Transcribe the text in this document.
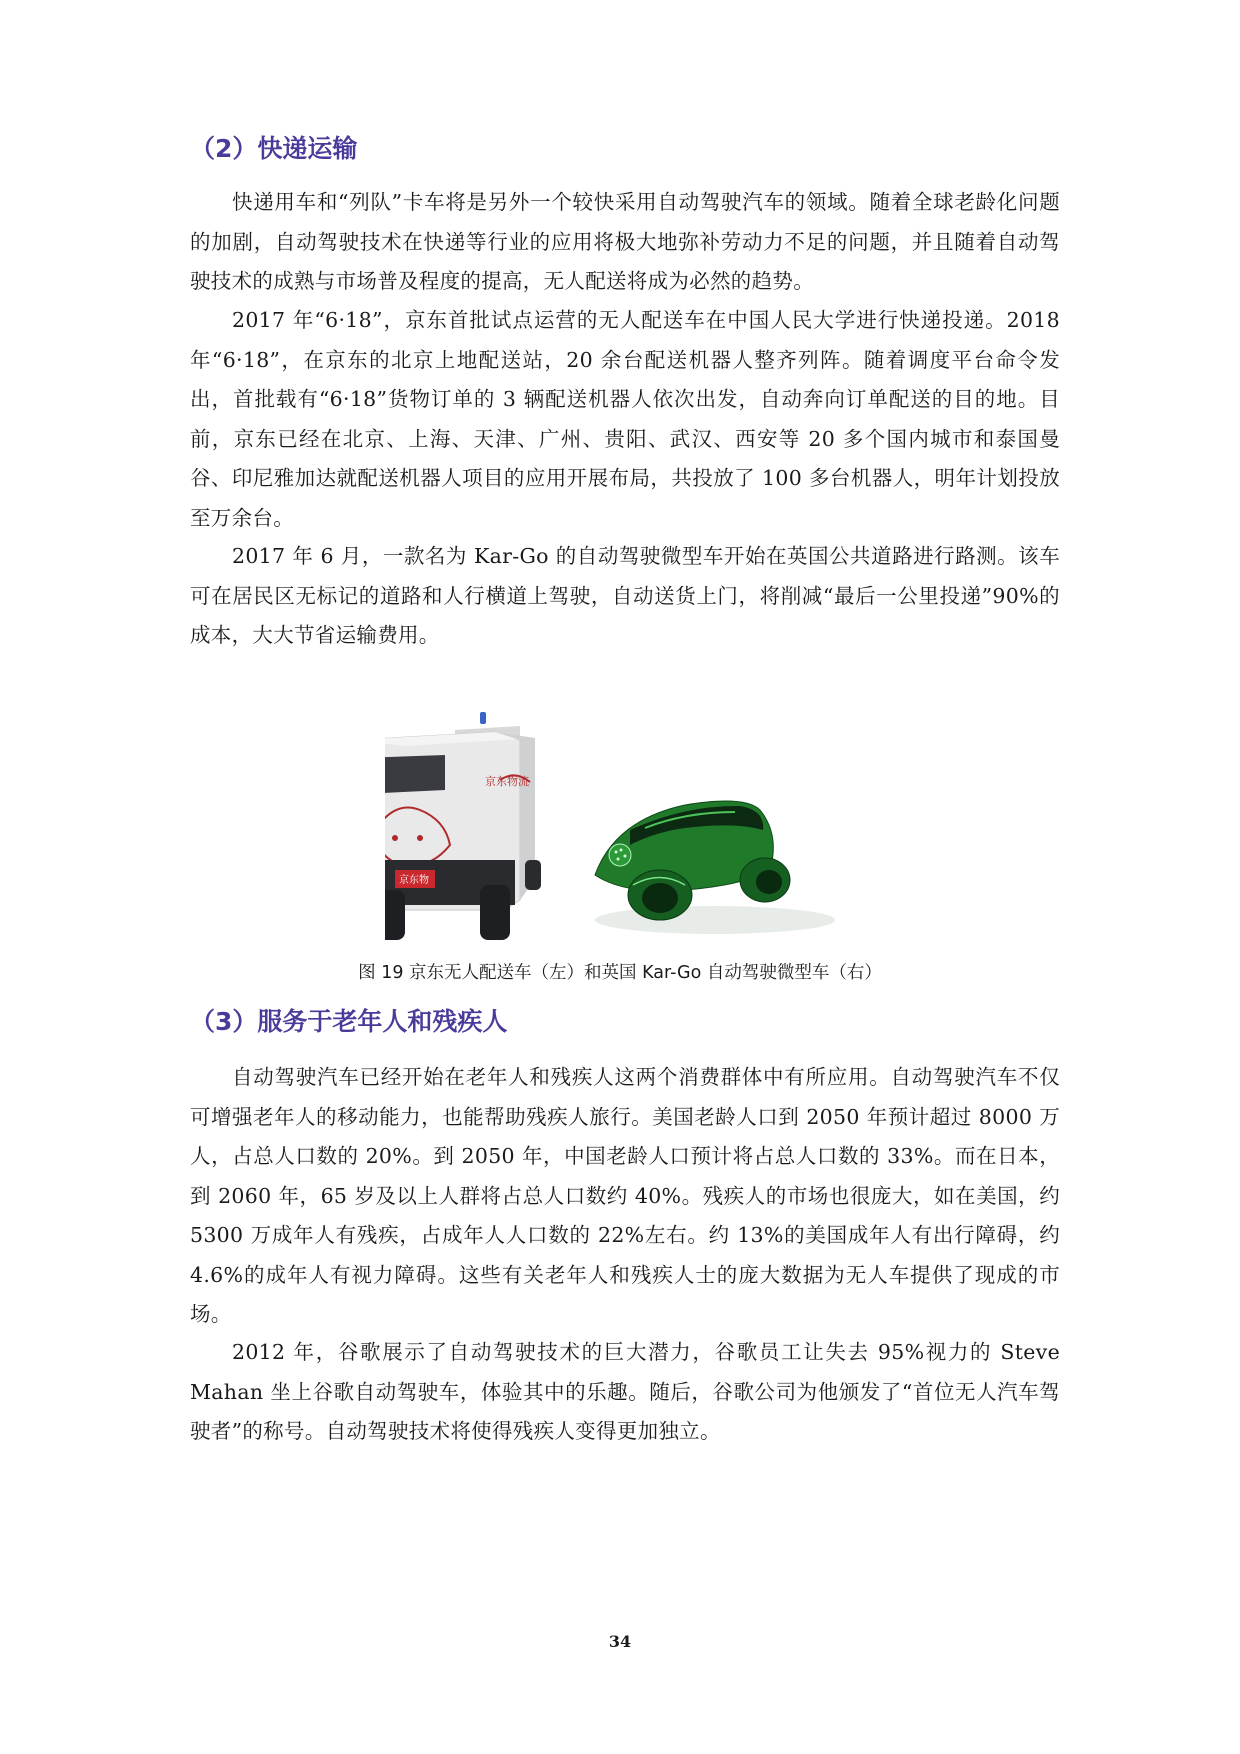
（2）快递运输

快递用车和“列队”卡车将是另外一个较快采用自动驾驶汽车的领域。随着全球老龄化问题的加剧，自动驾驶技术在快递等行业的应用将极大地弥补劳动力不足的问题，并且随着自动驾驶技术的成熟与市场普及程度的提高，无人配送将成为必然的趋势。

2017 年“6·18”，京东首批试点运营的无人配送车在中国人民大学进行快递投递。2018 年“6·18”，在京东的北京上地配送站，20 余台配送机器人整齐列阵。随着调度平台命令发出，首批载有“6·18”货物订单的 3 辆配送机器人依次出发，自动奔向订单配送的目的地。目前，京东已经在北京、上海、天津、广州、贵阳、武汉、西安等 20 多个国内城市和泰国曼谷、印尼雅加达就配送机器人项目的应用开展布局，共投放了 100 多台机器人，明年计划投放至万余台。

2017 年 6 月，一款名为 Kar-Go 的自动驾驶微型车开始在英国公共道路进行路测。该车可在居民区无标记的道路和人行横道上驾驶，自动送货上门，将削减“最后一公里投递”90%的成本，大大节省运输费用。

京东物流
京东物

图 19 京东无人配送车（左）和英国 Kar-Go 自动驾驶微型车（右）

（3）服务于老年人和残疾人

自动驾驶汽车已经开始在老年人和残疾人这两个消费群体中有所应用。自动驾驶汽车不仅可增强老年人的移动能力，也能帮助残疾人旅行。美国老龄人口到 2050 年预计超过 8000 万人，占总人口数的 20%。到 2050 年，中国老龄人口预计将占总人口数的 33%。而在日本，到 2060 年，65 岁及以上人群将占总人口数约 40%。残疾人的市场也很庞大，如在美国，约 5300 万成年人有残疾，占成年人人口数的 22%左右。约 13%的美国成年人有出行障碍，约 4.6%的成年人有视力障碍。这些有关老年人和残疾人士的庞大数据为无人车提供了现成的市场。

2012 年，谷歌展示了自动驾驶技术的巨大潜力，谷歌员工让失去 95%视力的 Steve Mahan 坐上谷歌自动驾驶车，体验其中的乐趣。随后，谷歌公司为他颁发了“首位无人汽车驾驶者”的称号。自动驾驶技术将使得残疾人变得更加独立。

34
